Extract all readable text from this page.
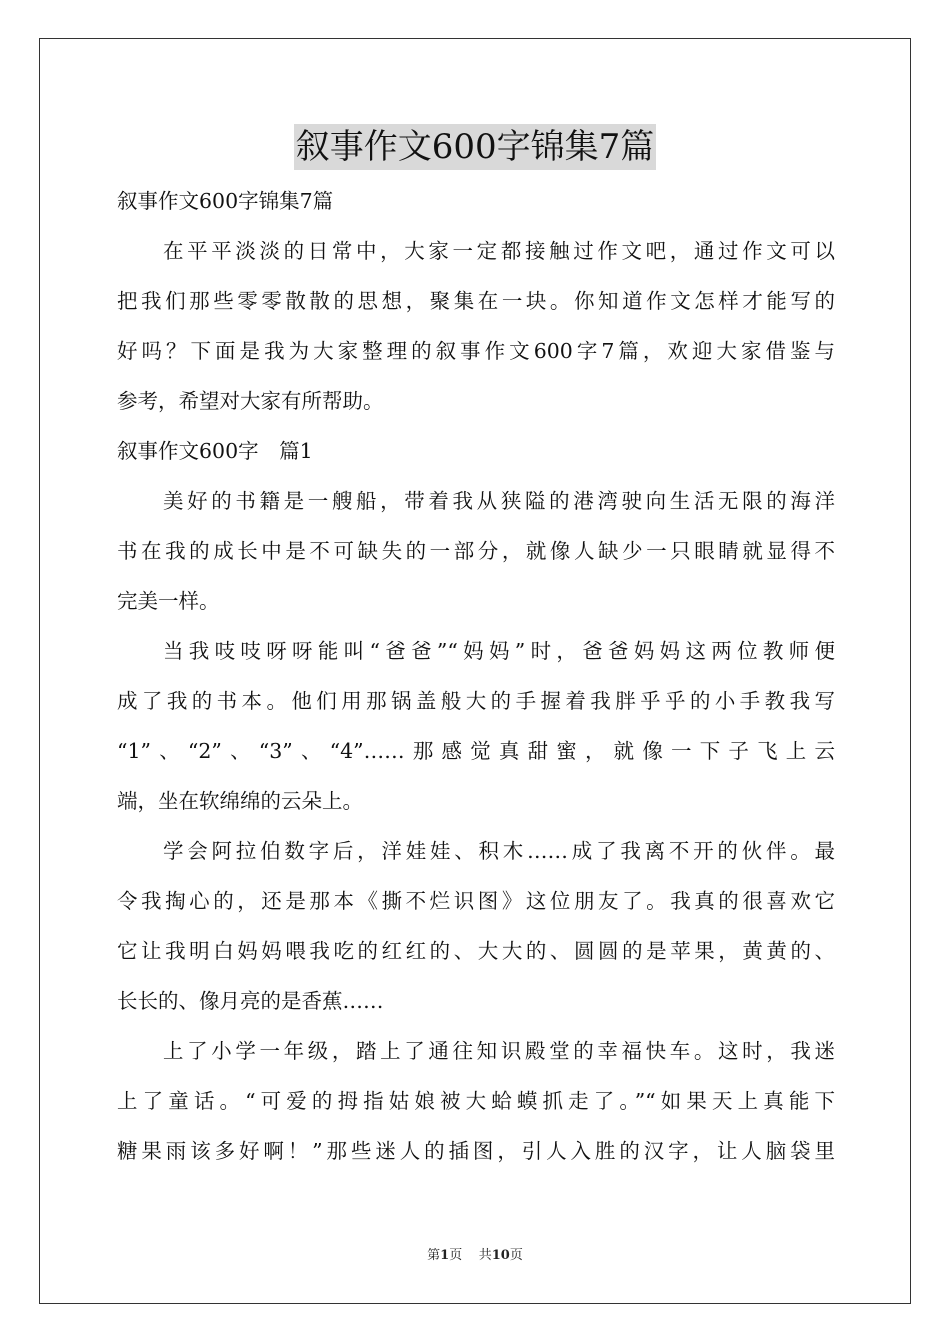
叙事作文600字锦集7篇
叙事作文600字锦集7篇
在平平淡淡的日常中，大家一定都接触过作文吧，通过作文可以
把我们那些零零散散的思想，聚集在一块。你知道作文怎样才能写的
好吗？下面是我为大家整理的叙事作文600字7篇，欢迎大家借鉴与
参考，希望对大家有所帮助。
叙事作文600字　篇1
美好的书籍是一艘船，带着我从狭隘的港湾驶向生活无限的海洋
书在我的成长中是不可缺失的一部分，就像人缺少一只眼睛就显得不
完美一样。
当我吱吱呀呀能叫“爸爸”“妈妈”时，爸爸妈妈这两位教师便
成了我的书本。他们用那锅盖般大的手握着我胖乎乎的小手教我写
“1”、“2”、“3”、“4”……那感觉真甜蜜，就像一下子飞上云
端，坐在软绵绵的云朵上。
学会阿拉伯数字后，洋娃娃、积木……成了我离不开的伙伴。最
令我掏心的，还是那本《撕不烂识图》这位朋友了。我真的很喜欢它
它让我明白妈妈喂我吃的红红的、大大的、圆圆的是苹果，黄黄的、
长长的、像月亮的是香蕉……
上了小学一年级，踏上了通往知识殿堂的幸福快车。这时，我迷
上了童话。“可爱的拇指姑娘被大蛤蟆抓走了。”“如果天上真能下
糖果雨该多好啊！”那些迷人的插图，引人入胜的汉字，让人脑袋里
第1页 共10页
